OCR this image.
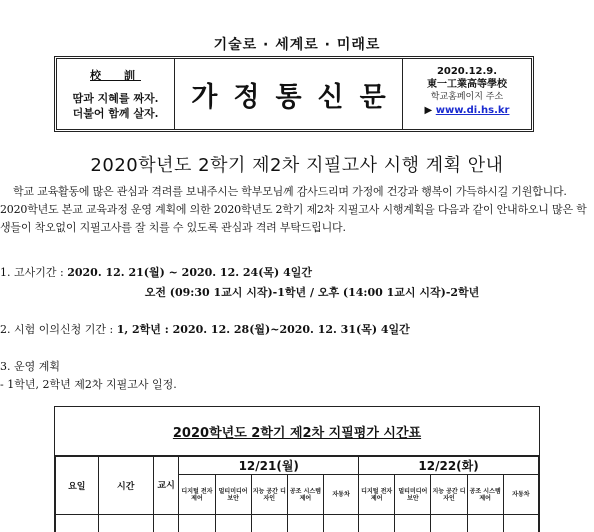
기술로 · 세계로 · 미래로
校　訓
땀과 지혜를 짜자.
더불어 함께 살자.
가정통신문
2020.12.9.
東一工業高等學校
학교홈페이지 주소
▶ www.di.hs.kr
2020학년도 2학기 제2차 지필고사 시행 계획 안내
학교 교육활동에 많은 관심과 격려를 보내주시는 학부모님께 감사드리며 가정에 건강과 행복이 가득하시길 기원합니다. 2020학년도 본교 교육과정 운영 계획에 의한 2020학년도 2학기 제2차 지필고사 시행계획을 다음과 같이 안내하오니 많은 학생들이 착오없이 지필고사를 잘 치를 수 있도록 관심과 격려 부탁드립니다.
1. 고사기간 : 2020. 12. 21(월) ~ 2020. 12. 24(목) 4일간
오전 (09:30 1교시 시작)-1학년 / 오후 (14:00 1교시 시작)-2학년
2. 시험 이의신청 기간 : 1, 2학년 : 2020. 12. 28(월)~2020. 12. 31(목) 4일간
3. 운영 계획
- 1학년, 2학년 제2차 지필고사 일정.
2020학년도 2학기 제2차 지필평가 시간표
요일	시간	교시	12/21(월)					12/22(화)				
			디지털 전자 제어	멀티미디어 보안	지능 공간 디자인	공조 시스템 제어	자동차	디지털 전자 제어	멀티미디어 보안	지능 공간 디자인	공조 시스템 제어	자동차
